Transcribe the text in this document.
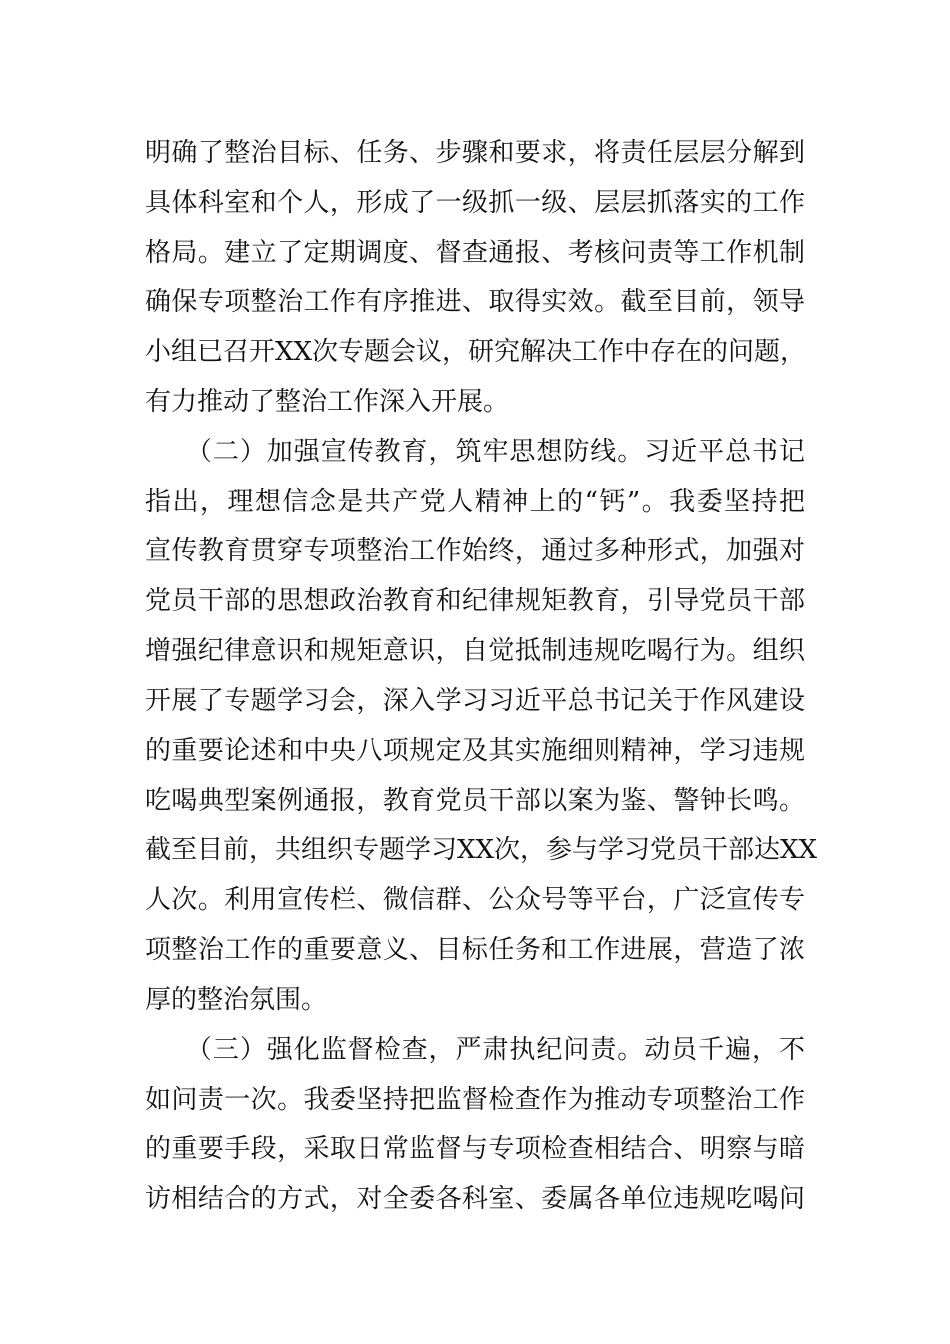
明确了整治目标、任务、步骤和要求，将责任层层分解到
具体科室和个人，形成了一级抓一级、层层抓落实的工作
格局。建立了定期调度、督查通报、考核问责等工作机制
确保专项整治工作有序推进、取得实效。截至目前，领导
小组已召开XX次专题会议，研究解决工作中存在的问题，
有力推动了整治工作深入开展。
　　（二）加强宣传教育，筑牢思想防线。习近平总书记
指出，理想信念是共产党人精神上的“钙”。我委坚持把
宣传教育贯穿专项整治工作始终，通过多种形式，加强对
党员干部的思想政治教育和纪律规矩教育，引导党员干部
增强纪律意识和规矩意识，自觉抵制违规吃喝行为。组织
开展了专题学习会，深入学习习近平总书记关于作风建设
的重要论述和中央八项规定及其实施细则精神，学习违规
吃喝典型案例通报，教育党员干部以案为鉴、警钟长鸣。
截至目前，共组织专题学习XX次，参与学习党员干部达XX
人次。利用宣传栏、微信群、公众号等平台，广泛宣传专
项整治工作的重要意义、目标任务和工作进展，营造了浓
厚的整治氛围。
　　（三）强化监督检查，严肃执纪问责。动员千遍，不
如问责一次。我委坚持把监督检查作为推动专项整治工作
的重要手段，采取日常监督与专项检查相结合、明察与暗
访相结合的方式，对全委各科室、委属各单位违规吃喝问
